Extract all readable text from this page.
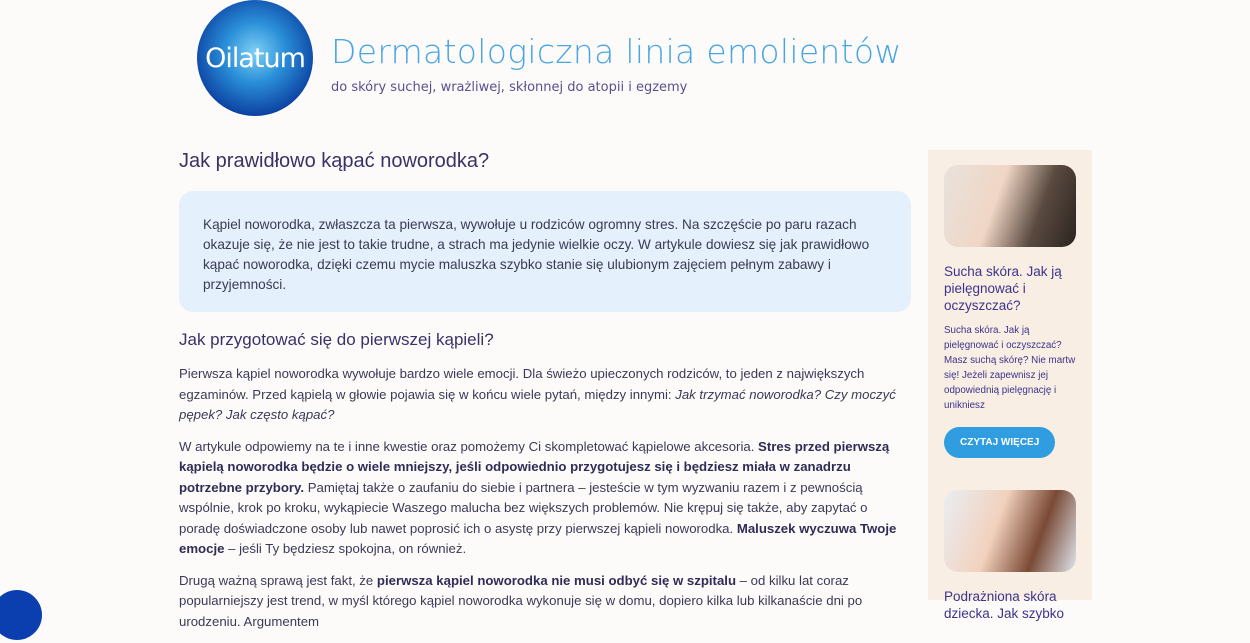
Oilatum Dermatologiczna linia emolientów
do skóry suchej, wrażliwej, skłonnej do atopii i egzemy
Jak prawidłowo kąpać noworodka?
Kąpiel noworodka, zwłaszcza ta pierwsza, wywołuje u rodziców ogromny stres. Na szczęście po paru razach okazuje się, że nie jest to takie trudne, a strach ma jedynie wielkie oczy. W artykule dowiesz się jak prawidłowo kąpać noworodka, dzięki czemu mycie maluszka szybko stanie się ulubionym zajęciem pełnym zabawy i przyjemności.
Jak przygotować się do pierwszej kąpieli?

Pierwsza kąpiel noworodka wywołuje bardzo wiele emocji. Dla świeżo upieczonych rodziców, to jeden z największych egzaminów. Przed kąpielą w głowie pojawia się w końcu wiele pytań, między innymi: Jak trzymać noworodka? Czy moczyć pępek? Jak często kąpać?

W artykule odpowiemy na te i inne kwestie oraz pomożemy Ci skompletować kąpielowe akcesoria. Stres przed pierwszą kąpielą noworodka będzie o wiele mniejszy, jeśli odpowiednio przygotujesz się i będziesz miała w zanadrzu potrzebne przybory. Pamiętaj także o zaufaniu do siebie i partnera – jesteście w tym wyzwaniu razem i z pewnością wspólnie, krok po kroku, wykąpiecie Waszego malucha bez większych problemów. Nie krępuj się także, aby zapytać o poradę doświadczone osoby lub nawet poprosić ich o asystę przy pierwszej kąpieli noworodka. Maluszek wyczuwa Twoje emocje – jeśli Ty będziesz spokojna, on również.

Drugą ważną sprawą jest fakt, że pierwsza kąpiel noworodka nie musi odbyć się w szpitalu – od kilku lat coraz popularniejszy jest trend, w myśl którego kąpiel noworodka wykonuje się w domu, dopiero kilka lub kilkanaście dni po urodzeniu. Argumentem

Sucha skóra. Jak ją pielęgnować i oczyszczać?
Sucha skóra. Jak ją pielęgnować i oczyszczać? Masz suchą skórę? Nie martw się! Jeżeli zapewnisz jej odpowiednią pielęgnację i unikniesz
CZYTAJ WIĘCEJ
Podrażniona skóra dziecka. Jak szybko
